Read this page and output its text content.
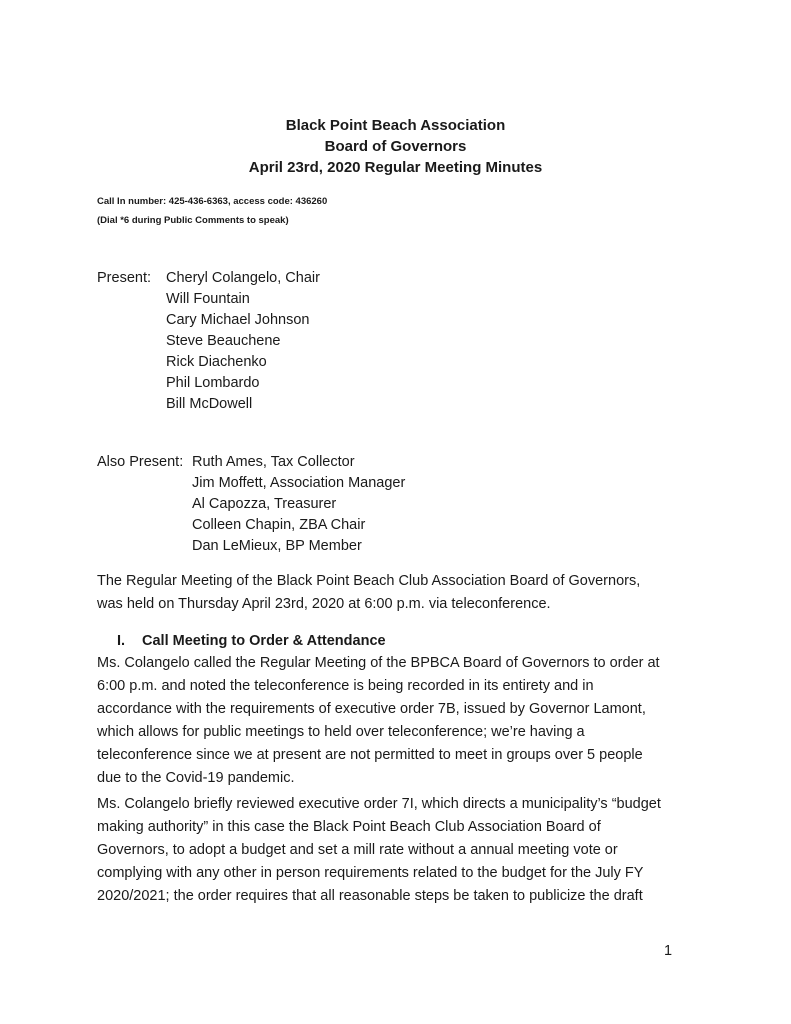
Black Point Beach Association
Board of Governors
April 23rd, 2020 Regular Meeting Minutes
Call In number: 425-436-6363, access code: 436260
(Dial *6 during Public Comments to speak)
Present: Cheryl Colangelo, Chair
Will Fountain
Cary Michael Johnson
Steve Beauchene
Rick Diachenko
Phil Lombardo
Bill McDowell
Also Present: Ruth Ames, Tax Collector
Jim Moffett, Association Manager
Al Capozza, Treasurer
Colleen Chapin, ZBA Chair
Dan LeMieux, BP Member
The Regular Meeting of the Black Point Beach Club Association Board of Governors,
was held on Thursday April 23rd, 2020 at 6:00 p.m. via teleconference.
I. Call Meeting to Order & Attendance
Ms. Colangelo called the Regular Meeting of the BPBCA Board of Governors to order at
6:00 p.m. and noted the teleconference is being recorded in its entirety and in
accordance with the requirements of executive order 7B, issued by Governor Lamont,
which allows for public meetings to held over teleconference; we’re having a
teleconference since we at present are not permitted to meet in groups over 5 people
due to the Covid-19 pandemic.
Ms. Colangelo briefly reviewed executive order 7I, which directs a municipality’s “budget
making authority” in this case the Black Point Beach Club Association Board of
Governors, to adopt a budget and set a mill rate without a annual meeting vote or
complying with any other in person requirements related to the budget for the July FY
2020/2021; the order requires that all reasonable steps be taken to publicize the draft
1
